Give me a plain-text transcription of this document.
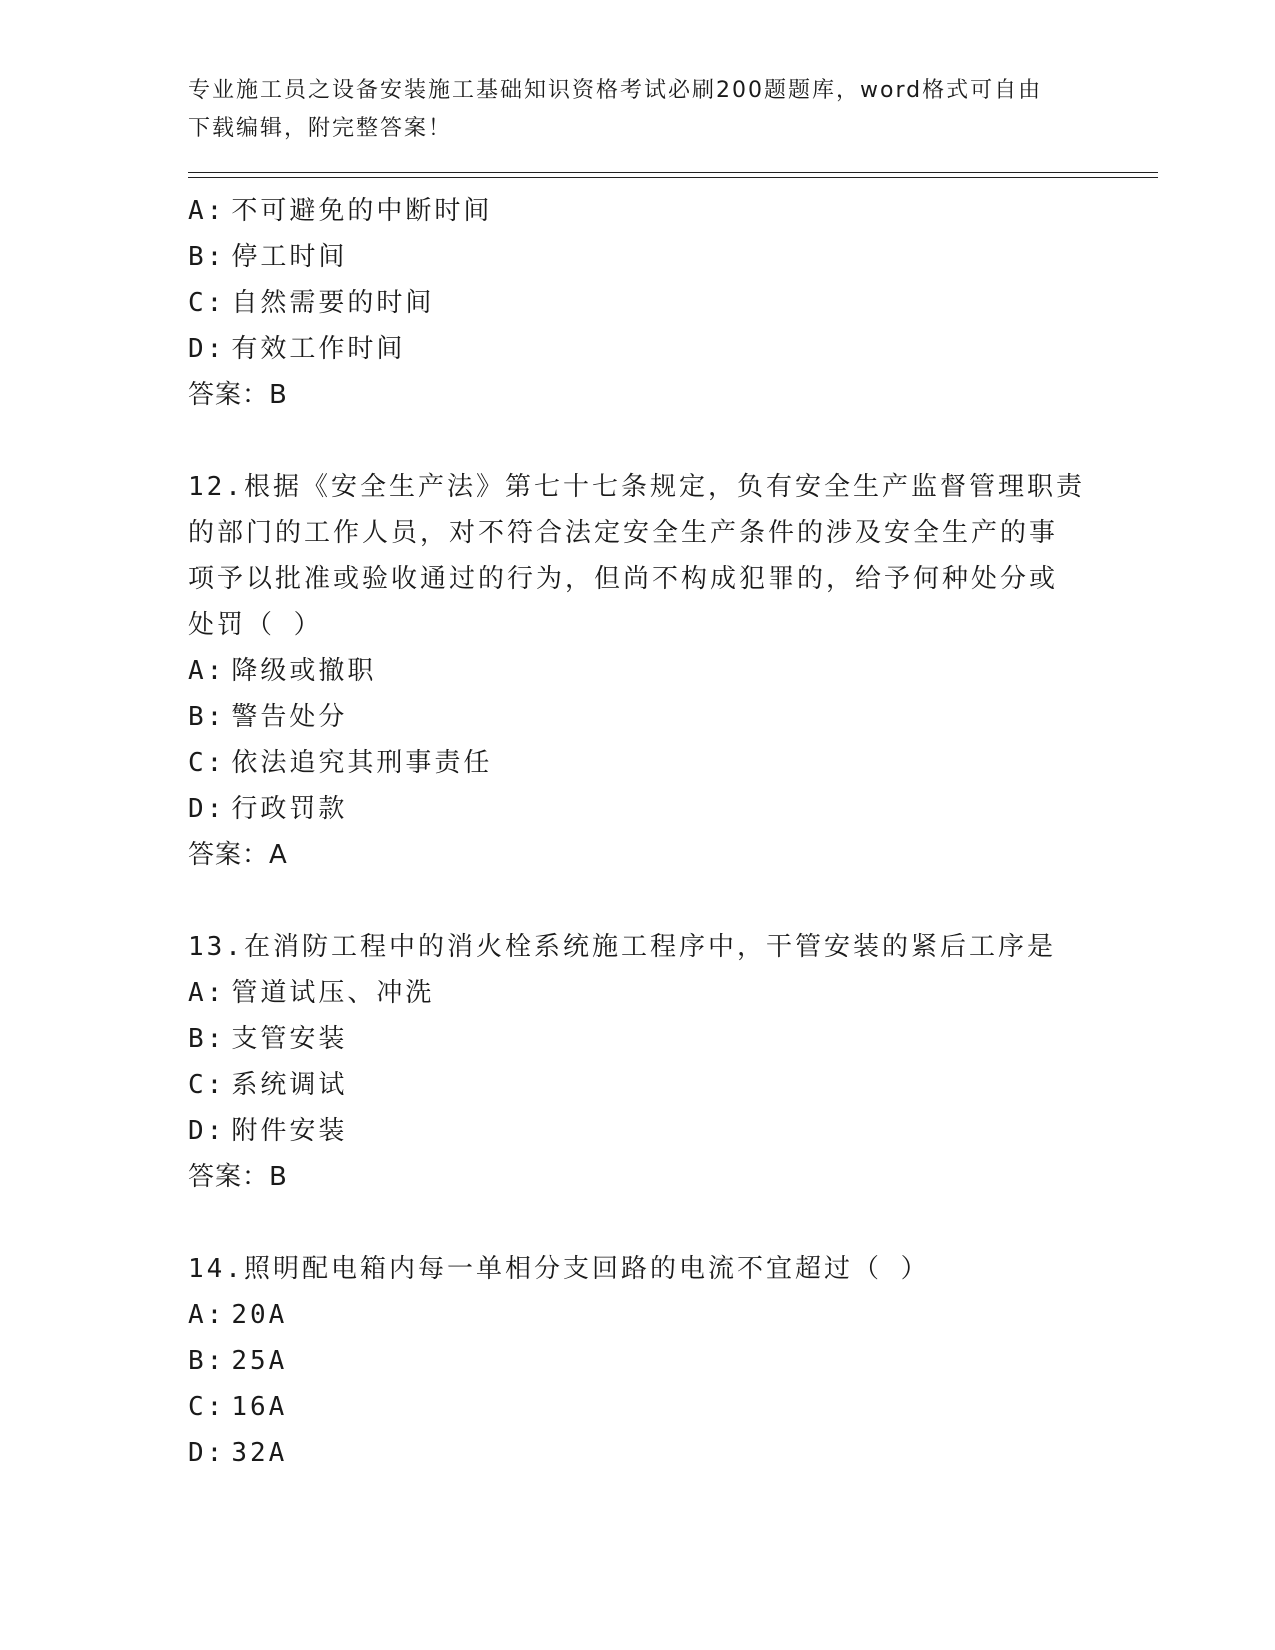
专业施工员之设备安装施工基础知识资格考试必刷200题题库，word格式可自由
下载编辑，附完整答案！
A: 不可避免的中断时间
B: 停工时间
C: 自然需要的时间
D: 有效工作时间
答案：B
12.根据《安全生产法》第七十七条规定，负有安全生产监督管理职责
的部门的工作人员，对不符合法定安全生产条件的涉及安全生产的事
项予以批准或验收通过的行为，但尚不构成犯罪的，给予何种处分或
处罚（ ）
A: 降级或撤职
B: 警告处分
C: 依法追究其刑事责任
D: 行政罚款
答案：A
13.在消防工程中的消火栓系统施工程序中，干管安装的紧后工序是
A: 管道试压、冲洗
B: 支管安装
C: 系统调试
D: 附件安装
答案：B
14.照明配电箱内每一单相分支回路的电流不宜超过（ ）
A: 20A
B: 25A
C: 16A
D: 32A
